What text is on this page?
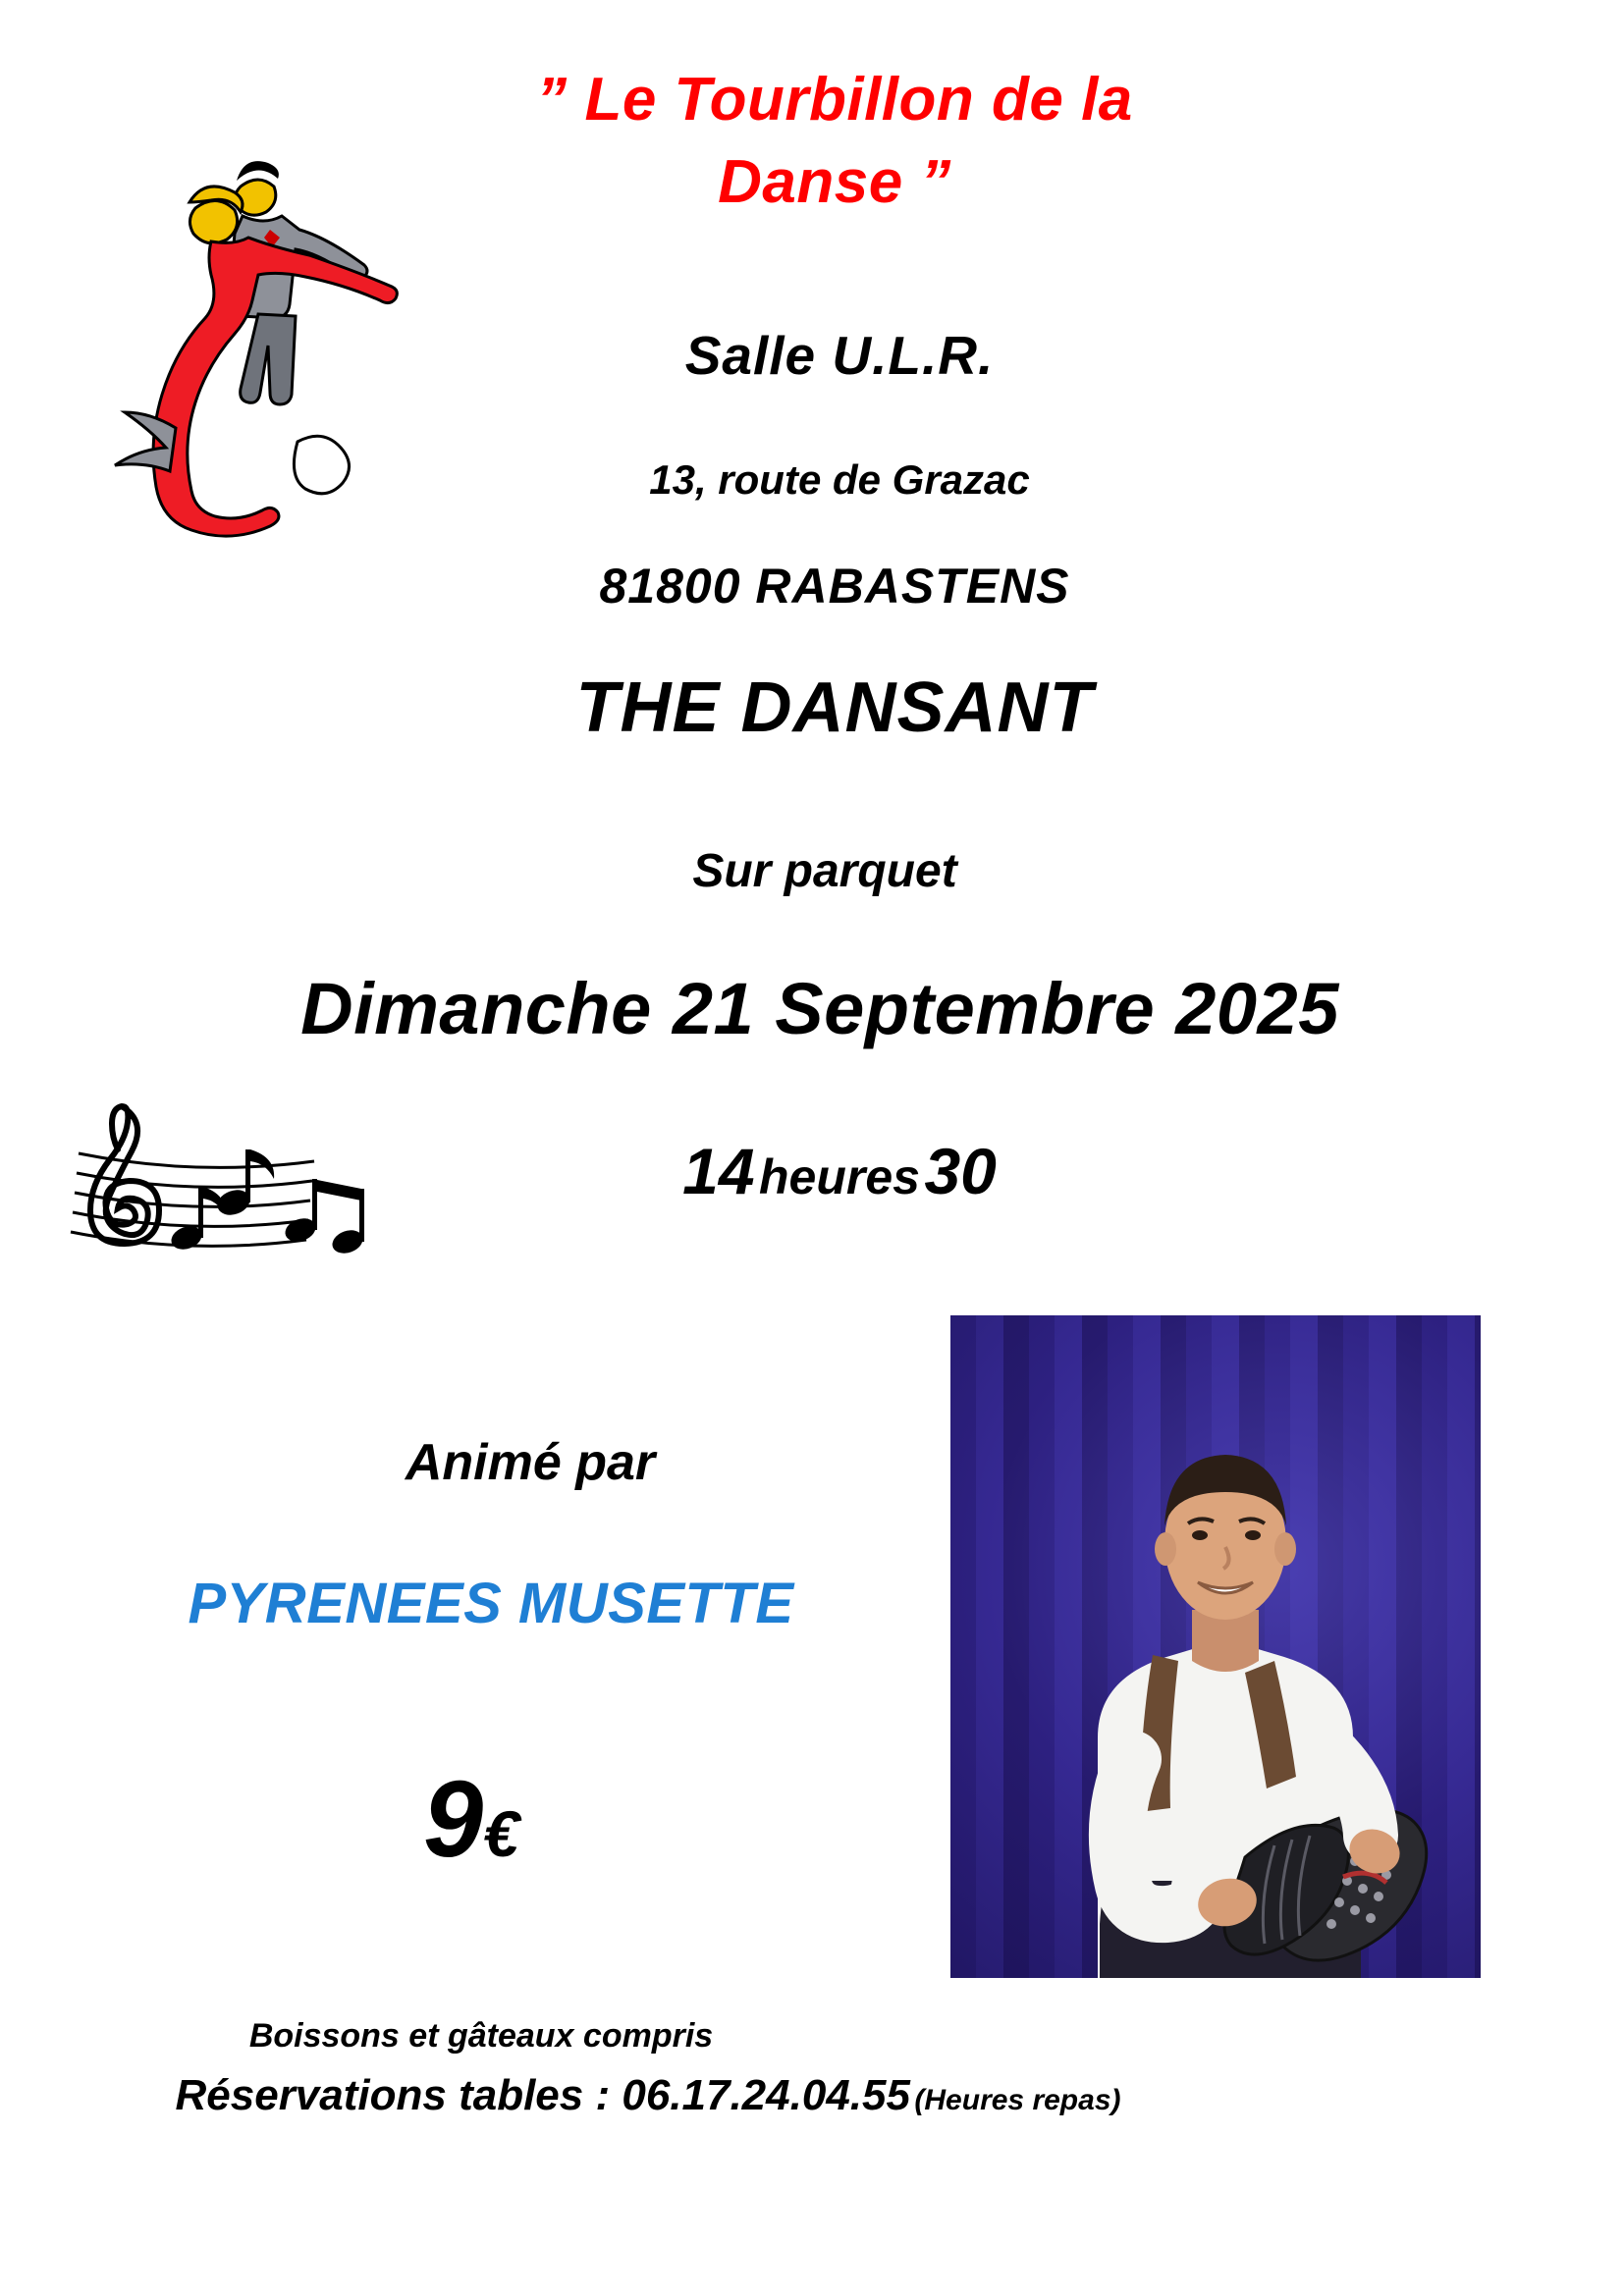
” Le Tourbillon de la
Danse ”
Salle U.L.R.
13, route de Grazac
81800 RABASTENS
THE DANSANT
Sur parquet
Dimanche 21 Septembre 2025
14 heures 30
Animé par
PYRENEES MUSETTE
9€
Boissons et gâteaux compris
Réservations tables : 06.17.24.04.55 (Heures repas)
